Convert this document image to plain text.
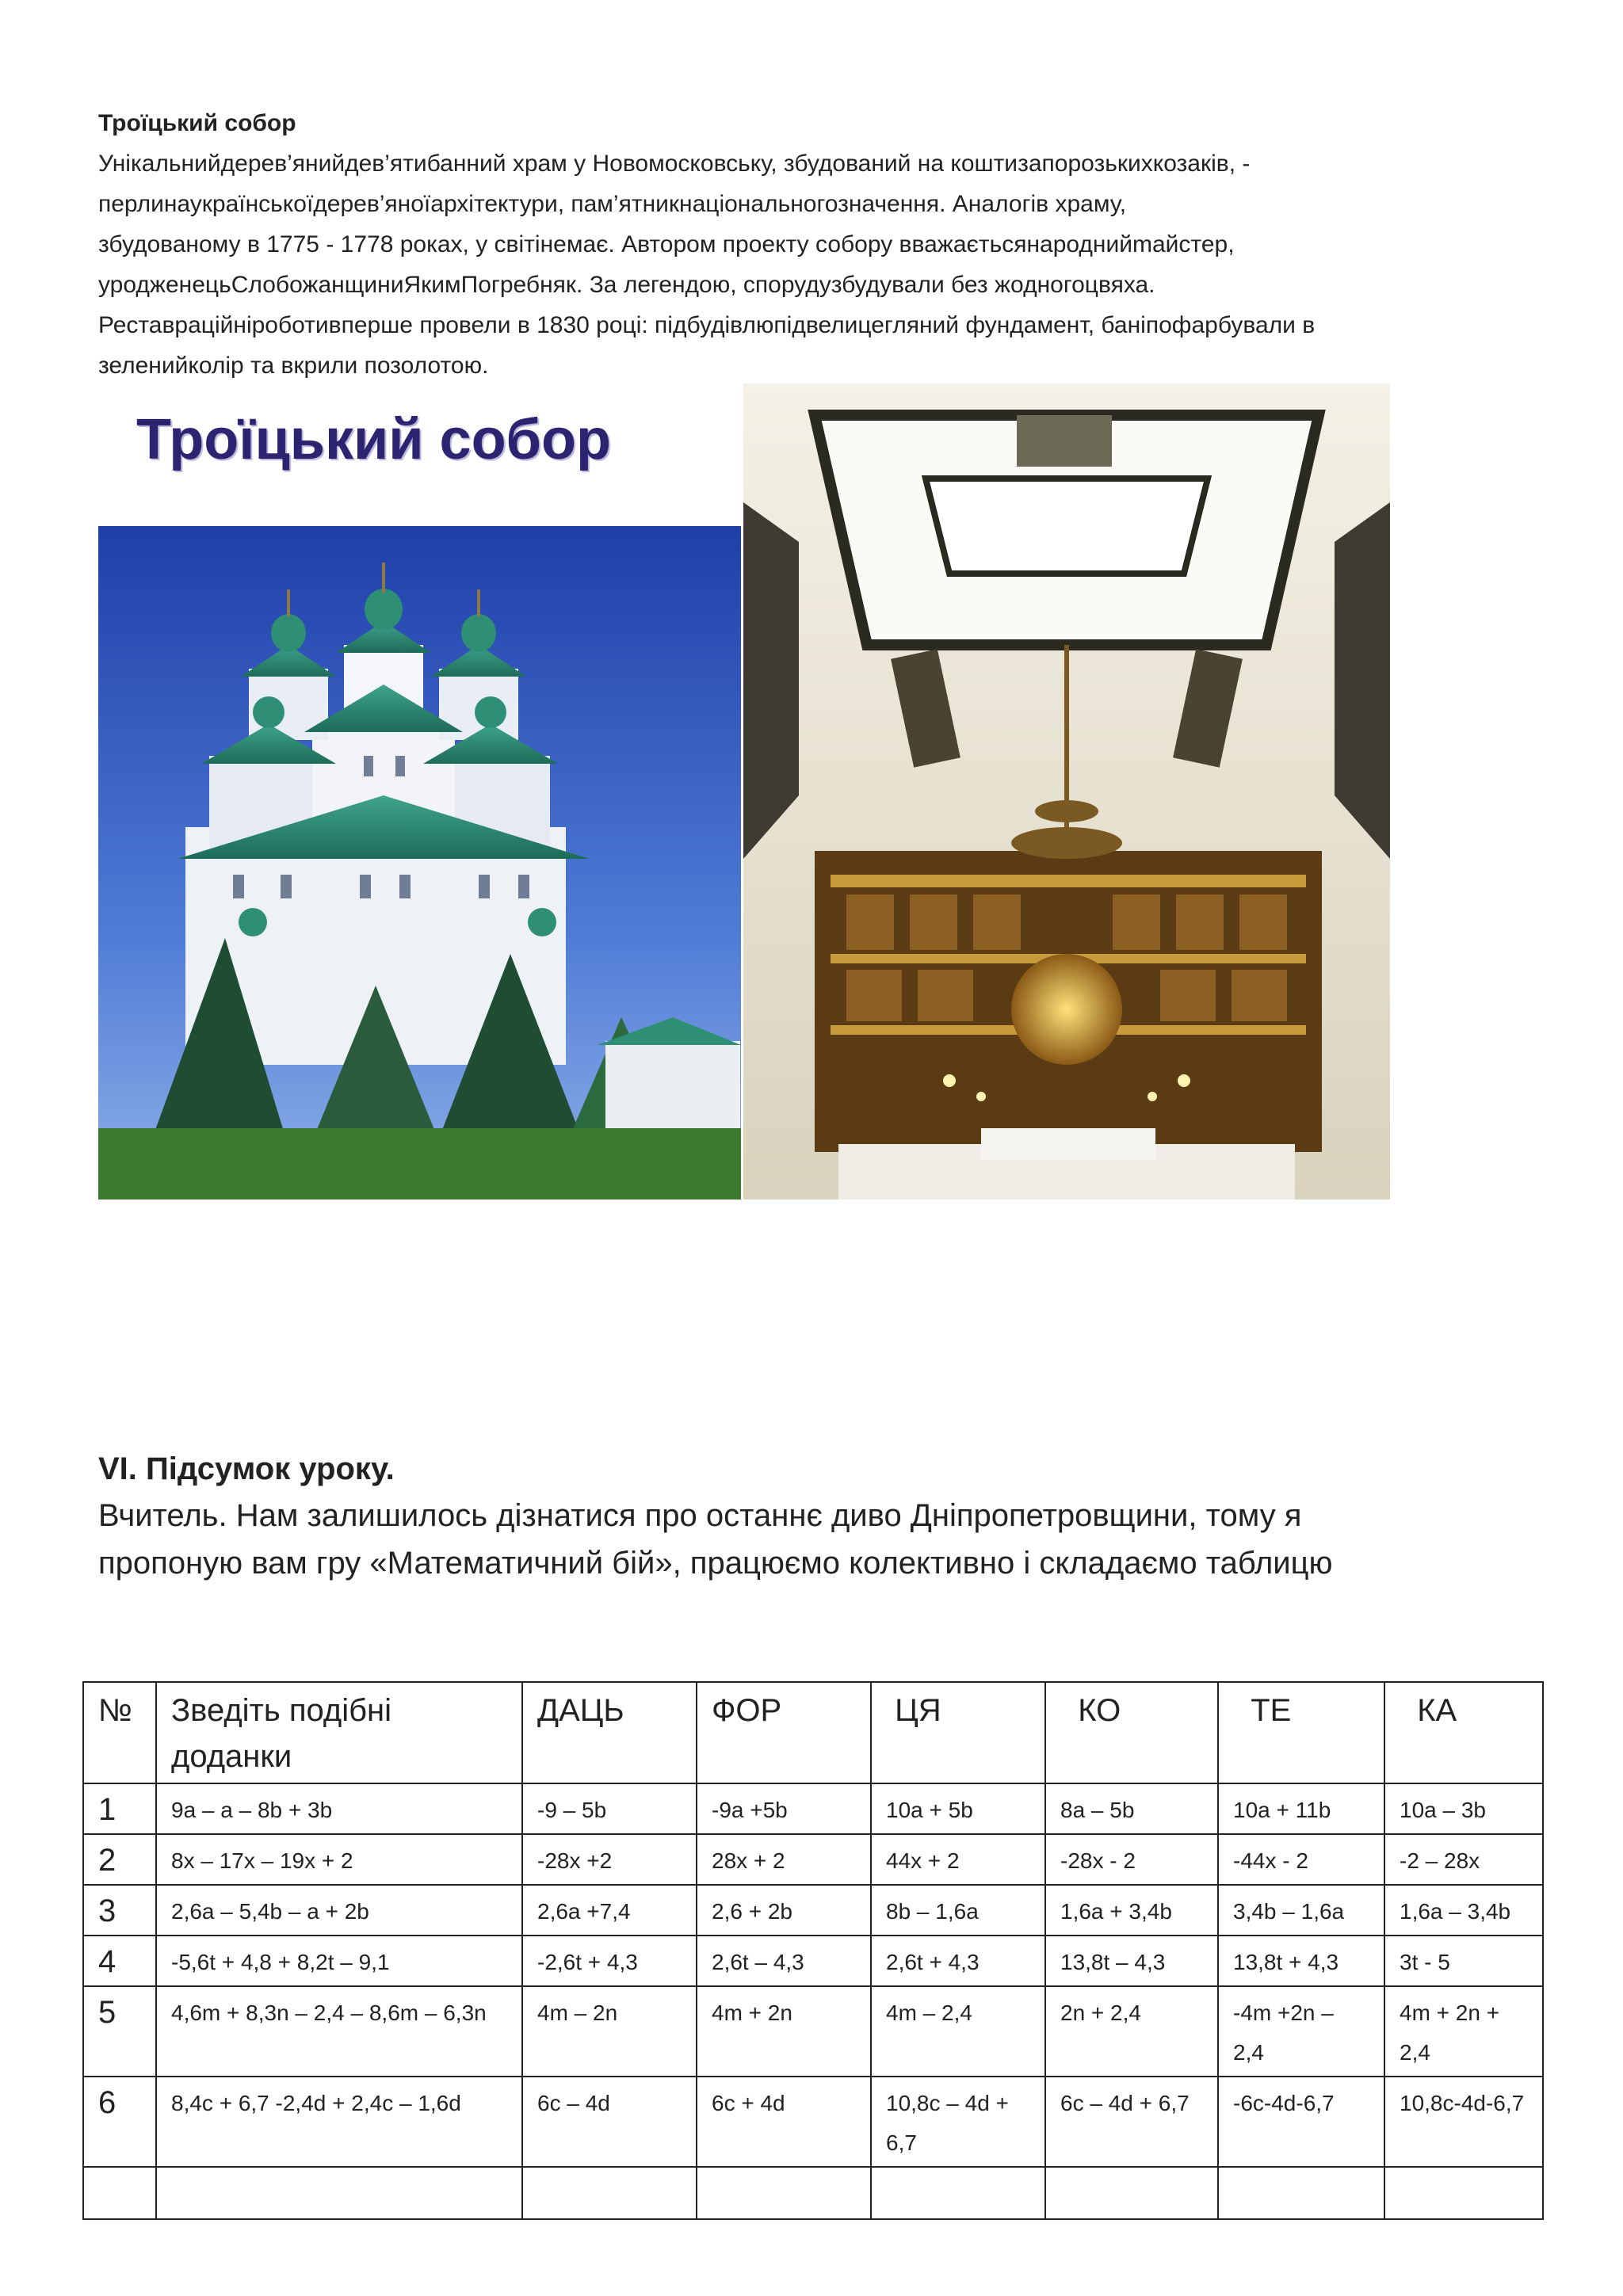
Троїцький собор

Унікальнийдерев’янийдев’ятибанний храм у Новомосковську, збудований на коштизапорозькихкозаків, -

перлинаукраїнськоїдерев’яноїархітектури, пам’ятникнаціональногозначення. Аналогів храму,

збудованому в 1775 - 1778 роках, у світінемає. Автором проекту собору вважаєтьсянароднийmайстер,

уродженецьСлобожанщиниЯкимПогребняк. За легендою, спорудузбудували без жодногоцвяха.

Реставраційніроботивперше провели в 1830 році: підбудівлюпідвелицегляний фундамент, баніпофарбували в

зеленийколір та вкрили позолотою.

Троїцький собор

VI. Підсумок уроку.

Вчитель. Нам залишилось дізнатися про останнє диво Дніпропетровщини, тому я

пропоную вам гру «Математичний бій», працюємо колективно і складаємо таблицю

№	Зведіть подібні доданки	ДАЦЬ	ФОР	ЦЯ	КО	ТЕ	КА
1	9a – a – 8b + 3b	-9 – 5b	-9a +5b	10a + 5b	8a – 5b	10a + 11b	10a – 3b
2	8x – 17x – 19x + 2	-28x +2	28x + 2	44x + 2	-28x - 2	-44x - 2	-2 – 28x
3	2,6a – 5,4b – a + 2b	2,6a +7,4	2,6 + 2b	8b – 1,6a	1,6a + 3,4b	3,4b – 1,6a	1,6a – 3,4b
4	-5,6t + 4,8 + 8,2t – 9,1	-2,6t + 4,3	2,6t – 4,3	2,6t + 4,3	13,8t – 4,3	13,8t + 4,3	3t - 5
5	4,6m + 8,3n – 2,4 – 8,6m – 6,3n	4m – 2n	4m + 2n	4m – 2,4	2n + 2,4	-4m +2n – 2,4	4m + 2n + 2,4
6	8,4c + 6,7 -2,4d + 2,4c – 1,6d	6c – 4d	6c + 4d	10,8c – 4d + 6,7	6c – 4d + 6,7	-6c-4d-6,7	10,8c-4d-6,7
